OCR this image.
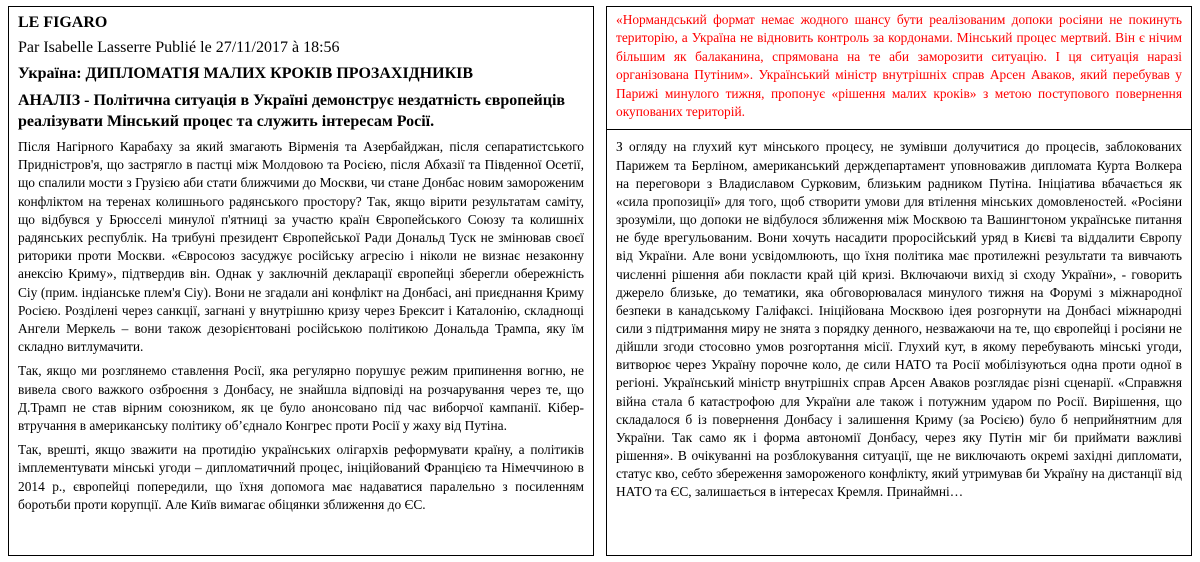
LE FIGARO
Par Isabelle Lasserre Publié le 27/11/2017 à 18:56
Україна: ДИПЛОМАТІЯ МАЛИХ КРОКІВ ПРОЗАХІДНИКІВ
АНАЛІЗ - Політична ситуація в Україні демонструє нездатність європейців реалізувати Мінський процес та служить інтересам Росії.

Після Нагірного Карабаху за який змагають Вірменія та Азербайджан, після сепаратистського Придністров'я, що застрягло в пастці між Молдовою та Росією, після Абхазії та Південної Осетії, що спалили мости з Грузією аби стати ближчими до Москви, чи стане Донбас новим замороженим конфліктом на теренах колишнього радянського простору? Так, якщо вірити результатам саміту, що відбувся у Брюсселі минулої п'ятниці за участю країн Європейського Союзу та колишніх радянських республік. На трибуні президент Європейської Ради Дональд Туск не змінював своєї риторики проти Москви. «Євросоюз засуджує російську агресію і ніколи не визнає незаконну анексію Криму», підтвердив він. Однак у заключній декларації європейці зберегли обережність Сіу (прим. індіанське плем'я Сіу). Вони не згадали ані конфлікт на Донбасі, ані приєднання Криму Росією. Розділені через санкції, загнані у внутрішню кризу через Брексит і Каталонію, складнощі Ангели Меркель – вони також дезорієнтовані російською політикою Дональда Трампа, яку їм складно витлумачити.

Так, якщо ми розглянемо ставлення Росії, яка регулярно порушує режим припинення вогню, не вивела свого важкого озброєння з Донбасу, не знайшла відповіді на розчарування через те, що Д.Трамп не став вірним союзником, як це було анонсовано під час виборчої кампанії. Кібер-втручання в американську політику об’єднало Конгрес проти Росії у жаху від Путіна.

Так, врешті, якщо зважити на протидію українських олігархів реформувати країну, а політиків імплементувати мінські угоди – дипломатичний процес, ініційований Францією та Німеччиною в 2014 р., європейці попередили, що їхня допомога має надаватися паралельно з посиленням боротьби проти корупції. Але Київ вимагає обіцянки зближення до ЄС.

«Нормандський формат немає жодного шансу бути реалізованим допоки росіяни не покинуть територію, а Україна не відновить контроль за кордонами. Мінський процес мертвий. Він є нічим більшим як балаканина, спрямована на те аби заморозити ситуацію. І ця ситуація наразі організована Путіним». Український міністр внутрішніх справ Арсен Аваков, який перебував у Парижі минулого тижня, пропонує «рішення малих кроків» з метою поступового повернення окупованих територій.

З огляду на глухий кут мінського процесу, не зумівши долучитися до процесів, заблокованих Парижем та Берліном, американський держдепартамент уповноважив дипломата Курта Волкера на переговори з Владиславом Сурковим, близьким радником Путіна. Ініціатива вбачається як «сила пропозиції» для того, щоб створити умови для втілення мінських домовленостей. «Росіяни зрозуміли, що допоки не відбулося зближення між Москвою та Вашингтоном українське питання не буде врегульованим. Вони хочуть насадити проросійський уряд в Києві та віддалити Європу від України. Але вони усвідомлюють, що їхня політика має протилежні результати та вивчають численні рішення аби покласти край цій кризі. Включаючи вихід зі сходу України», - говорить джерело близьке, до тематики, яка обговорювалася минулого тижня на Форумі з міжнародної безпеки в канадському Галіфаксі. Ініційована Москвою ідея розгорнути на Донбасі міжнародні сили з підтримання миру не знята з порядку денного, незважаючи на те, що європейці і росіяни не дійшли згоди стосовно умов розгортання місії. Глухий кут, в якому перебувають мінські угоди, витворює через Україну порочне коло, де сили НАТО та Росії мобілізуються одна проти одної в регіоні. Український міністр внутрішніх справ Арсен Аваков розглядає різні сценарії. «Справжня війна стала б катастрофою для України але також і потужним ударом по Росії. Вирішення, що складалося б із повернення Донбасу і залишення Криму (за Росією) було б неприйнятним для України. Так само як і форма автономії Донбасу, через яку Путін міг би приймати важливі рішення». В очікуванні на розблокування ситуації, ще не виключають окремі західні дипломати, статус кво, себто збереження замороженого конфлікту, який утримував би Україну на дистанції від НАТО та ЄС, залишається в інтересах Кремля. Принаймні…
